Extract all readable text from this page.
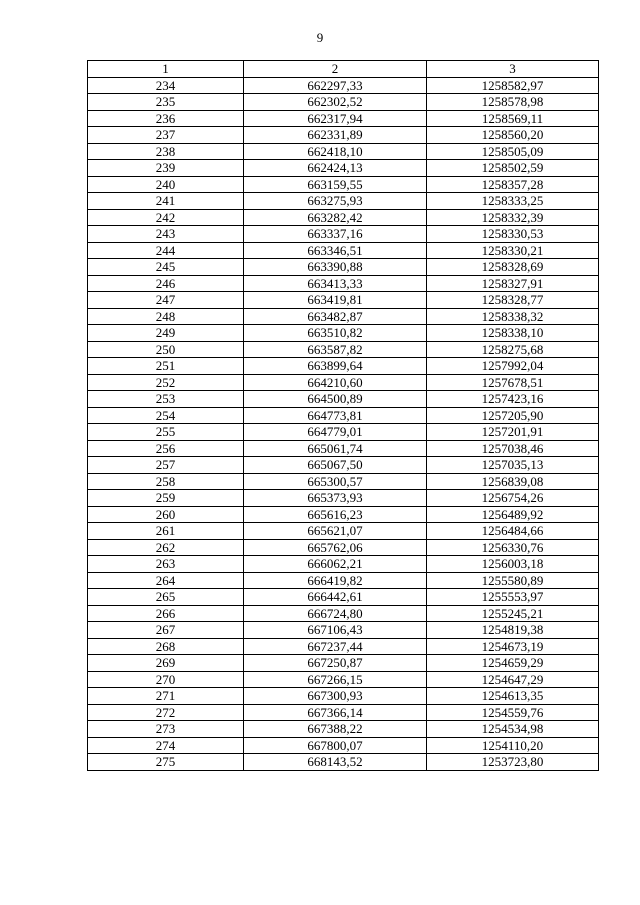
9
1	2	3
234	662297,33	1258582,97
235	662302,52	1258578,98
236	662317,94	1258569,11
237	662331,89	1258560,20
238	662418,10	1258505,09
239	662424,13	1258502,59
240	663159,55	1258357,28
241	663275,93	1258333,25
242	663282,42	1258332,39
243	663337,16	1258330,53
244	663346,51	1258330,21
245	663390,88	1258328,69
246	663413,33	1258327,91
247	663419,81	1258328,77
248	663482,87	1258338,32
249	663510,82	1258338,10
250	663587,82	1258275,68
251	663899,64	1257992,04
252	664210,60	1257678,51
253	664500,89	1257423,16
254	664773,81	1257205,90
255	664779,01	1257201,91
256	665061,74	1257038,46
257	665067,50	1257035,13
258	665300,57	1256839,08
259	665373,93	1256754,26
260	665616,23	1256489,92
261	665621,07	1256484,66
262	665762,06	1256330,76
263	666062,21	1256003,18
264	666419,82	1255580,89
265	666442,61	1255553,97
266	666724,80	1255245,21
267	667106,43	1254819,38
268	667237,44	1254673,19
269	667250,87	1254659,29
270	667266,15	1254647,29
271	667300,93	1254613,35
272	667366,14	1254559,76
273	667388,22	1254534,98
274	667800,07	1254110,20
275	668143,52	1253723,80
